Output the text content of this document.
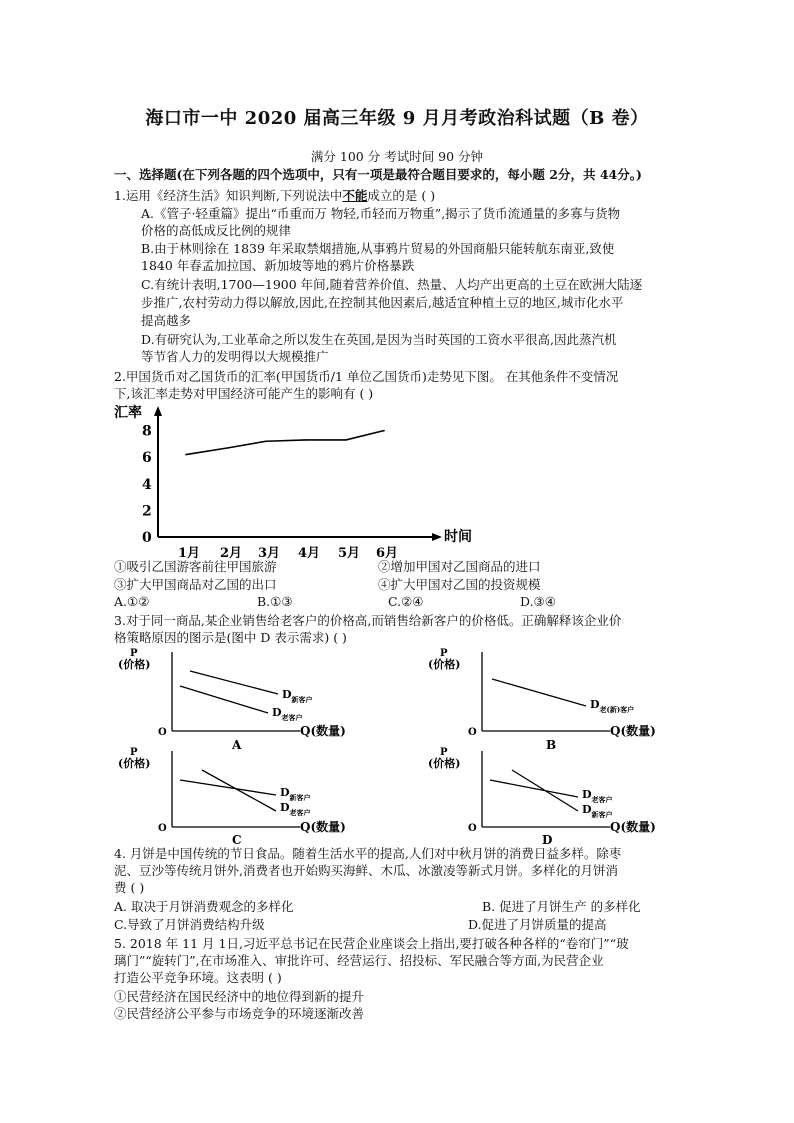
海口市一中 2020 届高三年级 9 月月考政治科试题（B 卷）
满分 100 分 考试时间 90 分钟
一、选择题(在下列各题的四个选项中，只有一项是最符合题目要求的，每小题 2分，共 44分。)
1.运用《经济生活》知识判断,下列说法中不能成立的是 ( )
A.《管子·轻重篇》提出“币重而万 物轻,币轻而万物重”,揭示了货币流通量的多寡与货物
价格的高低成反比例的规律
B.由于林则徐在 1839 年采取禁烟措施,从事鸦片贸易的外国商船只能转航东南亚,致使
1840 年春孟加拉国、新加坡等地的鸦片价格暴跌
C.有统计表明,1700—1900 年间,随着营养价值、热量、人均产出更高的土豆在欧洲大陆逐
步推广,农村劳动力得以解放,因此,在控制其他因素后,越适宜种植土豆的地区,城市化水平
提高越多
D.有研究认为,工业革命之所以发生在英国,是因为当时英国的工资水平很高,因此蒸汽机
等节省人力的发明得以大规模推广
2.甲国货币对乙国货币的汇率(甲国货币/1 单位乙国货币)走势见下图。 在其他条件不变情况
下,该汇率走势对甲国经济可能产生的影响有 ( )
汇率
时间
0
2
4
6
8
1月 2月 3月 4月 5月 6月
①吸引乙国游客前往甲国旅游	②增加甲国对乙国商品的进口
③扩大甲国商品对乙国的出口	④扩大甲国对乙国的投资规模
A.①②	B.①③	C.②④	D.③④
3.对于同一商品,某企业销售给老客户的价格高,而销售给新客户的价格低。正确解释该企业价
格策略原因的图示是(图中 D 表示需求) ( )
P
(价格)
O	Q(数量)
$D_{新客户}$
$D_{老客户}$
A
P
(价格)
O	Q(数量)
$D_{老(新)客户}$
B
P
(价格)
O	Q(数量)
$D_{新客户}$
$D_{老客户}$
C
P
(价格)
O	Q(数量)
$D_{老客户}$
$D_{新客户}$
D
4. 月饼是中国传统的节日食品。随着生活水平的提高,人们对中秋月饼的消费日益多样。除枣
泥、豆沙等传统月饼外,消费者也开始购买海鲜、木瓜、冰激凌等新式月饼。多样化的月饼消
费 ( )
A. 取决于月饼消费观念的多样化	B. 促进了月饼生产 的多样化
C.导致了月饼消费结构升级	D.促进了月饼质量的提高
5. 2018 年 11 月 1日,习近平总书记在民营企业座谈会上指出,要打破各种各样的“卷帘门”“玻
璃门”“旋转门”,在市场准入、审批许可、经营运行、招投标、军民融合等方面,为民营企业
打造公平竞争环境。这表明 ( )
①民营经济在国民经济中的地位得到新的提升
②民营经济公平参与市场竞争的环境逐渐改善
